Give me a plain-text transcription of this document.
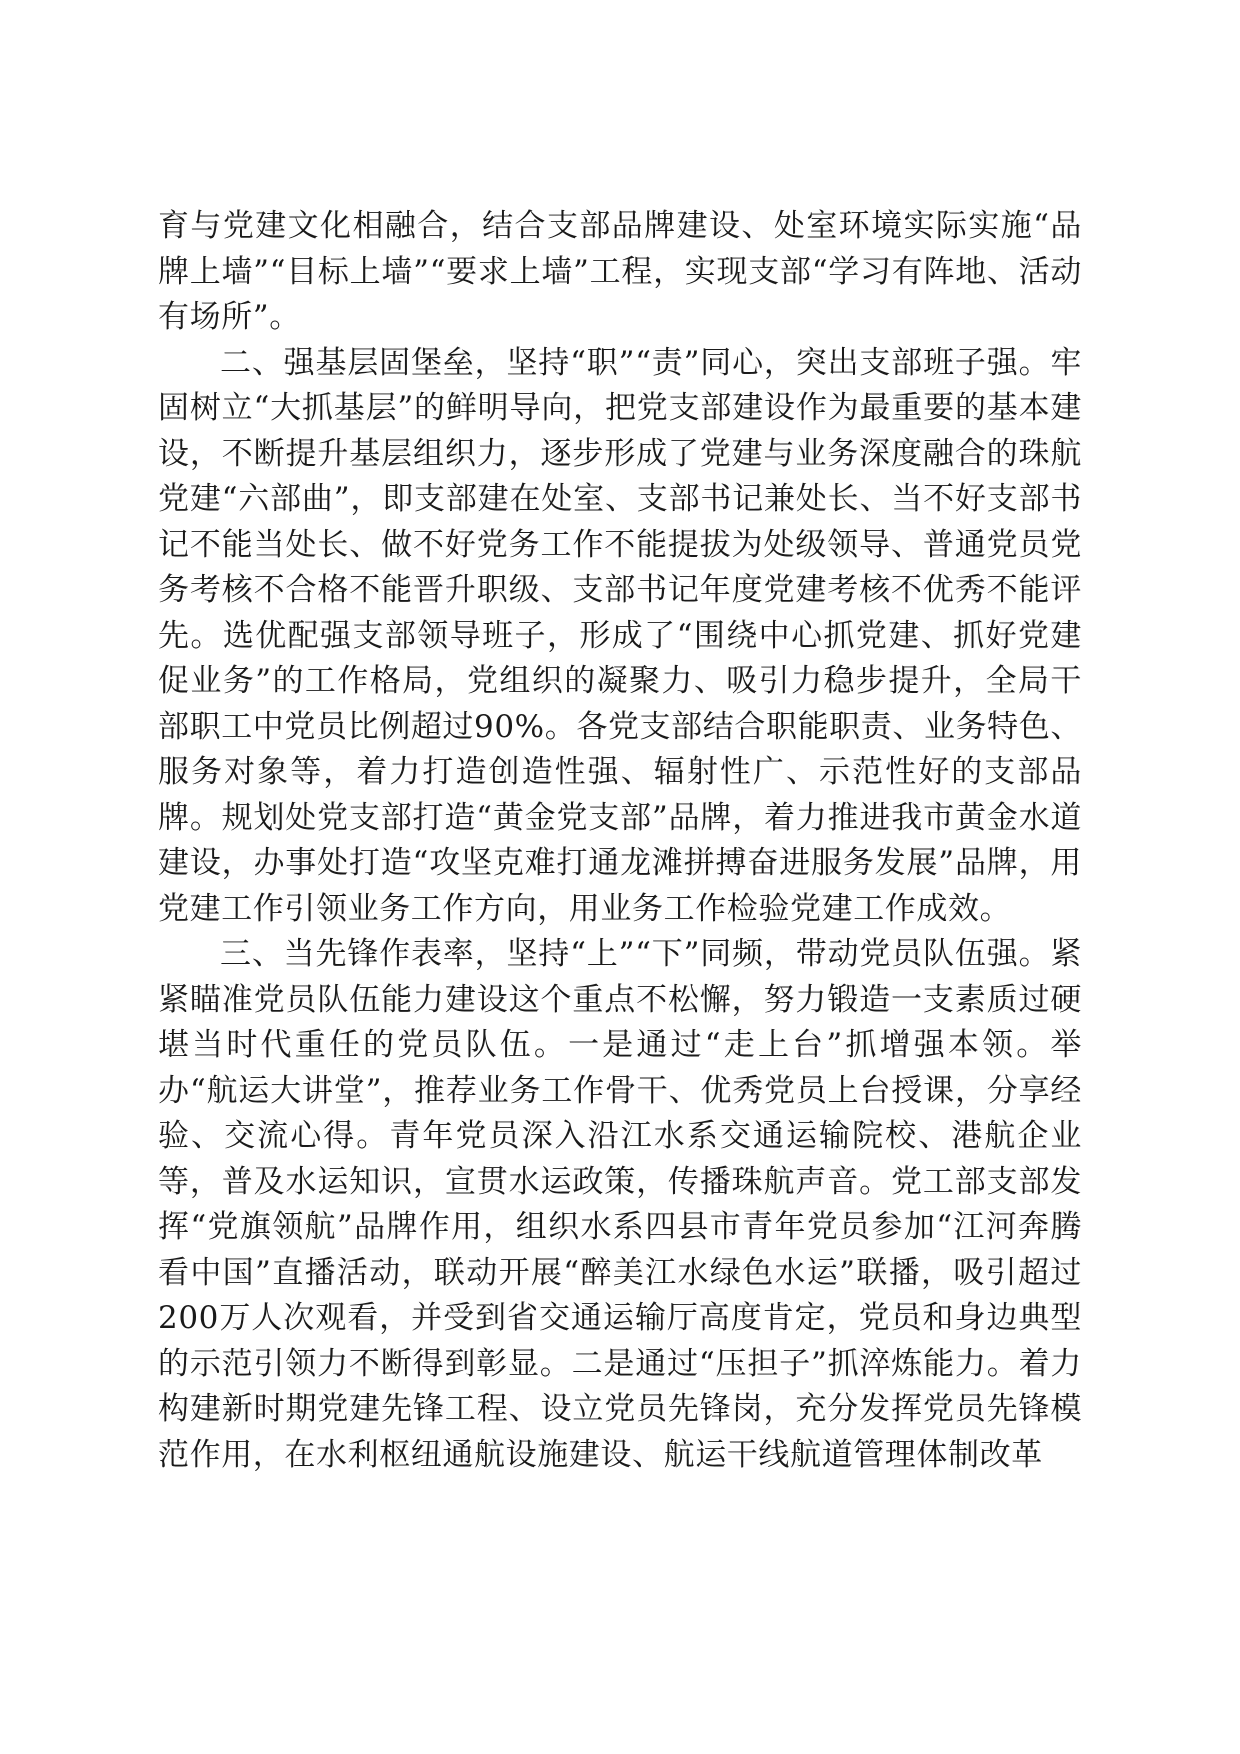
育与党建文化相融合，结合支部品牌建设、处室环境实际实施“品牌上墙”“目标上墙”“要求上墙”工程，实现支部“学习有阵地、活动有场所”。

二、强基层固堡垒，坚持“职”“责”同心，突出支部班子强。牢固树立“大抓基层”的鲜明导向，把党支部建设作为最重要的基本建设，不断提升基层组织力，逐步形成了党建与业务深度融合的珠航党建“六部曲”，即支部建在处室、支部书记兼处长、当不好支部书记不能当处长、做不好党务工作不能提拔为处级领导、普通党员党务考核不合格不能晋升职级、支部书记年度党建考核不优秀不能评先。选优配强支部领导班子，形成了“围绕中心抓党建、抓好党建促业务”的工作格局，党组织的凝聚力、吸引力稳步提升，全局干部职工中党员比例超过90%。各党支部结合职能职责、业务特色、服务对象等，着力打造创造性强、辐射性广、示范性好的支部品牌。规划处党支部打造“黄金党支部”品牌，着力推进我市黄金水道建设，办事处打造“攻坚克难打通龙滩拼搏奋进服务发展”品牌，用党建工作引领业务工作方向，用业务工作检验党建工作成效。

三、当先锋作表率，坚持“上”“下”同频，带动党员队伍强。紧紧瞄准党员队伍能力建设这个重点不松懈，努力锻造一支素质过硬堪当时代重任的党员队伍。一是通过“走上台”抓增强本领。举办“航运大讲堂”，推荐业务工作骨干、优秀党员上台授课，分享经验、交流心得。青年党员深入沿江水系交通运输院校、港航企业等，普及水运知识，宣贯水运政策，传播珠航声音。党工部支部发挥“党旗领航”品牌作用，组织水系四县市青年党员参加“江河奔腾看中国”直播活动，联动开展“醉美江水绿色水运”联播，吸引超过200万人次观看，并受到省交通运输厅高度肯定，党员和身边典型的示范引领力不断得到彰显。二是通过“压担子”抓淬炼能力。着力构建新时期党建先锋工程、设立党员先锋岗，充分发挥党员先锋模范作用，在水利枢纽通航设施建设、航运干线航道管理体制改革
